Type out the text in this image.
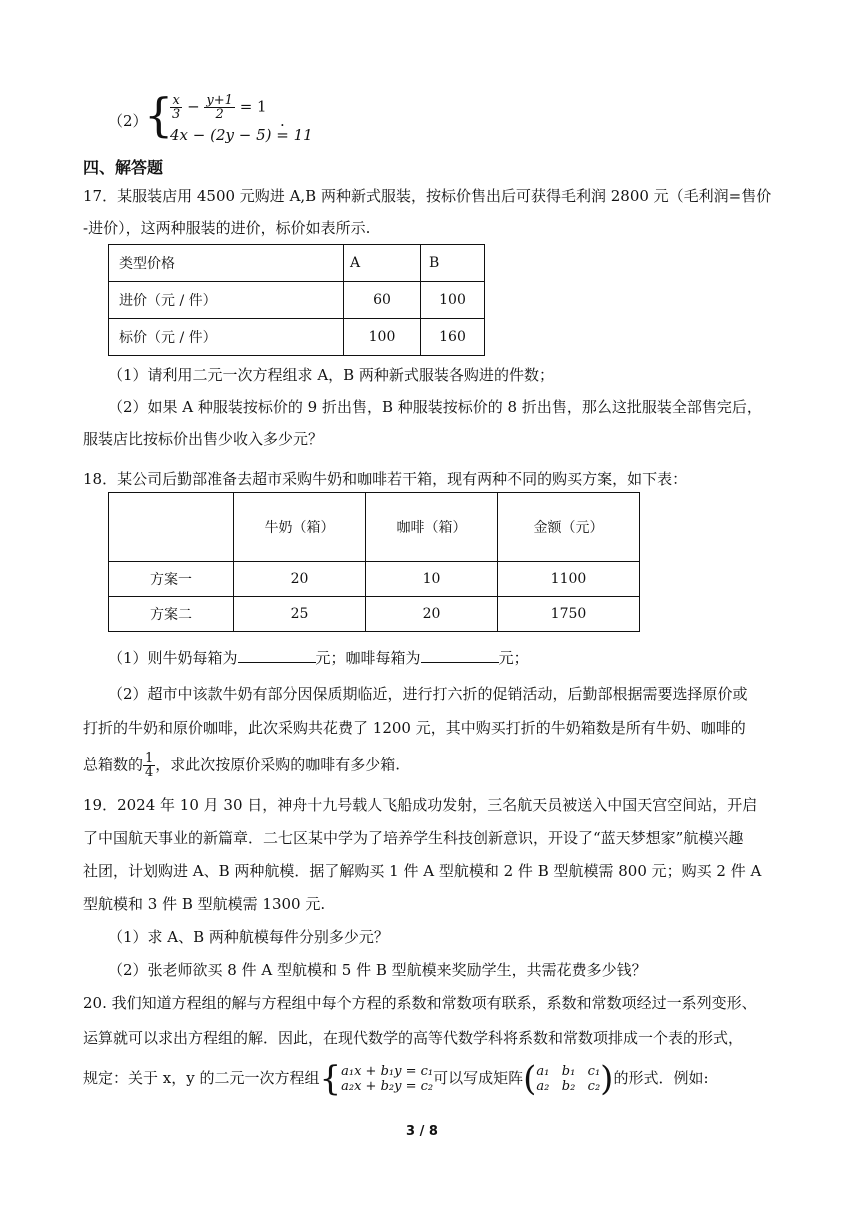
（2）
{
$\frac{x}{3} - \frac{y+1}{2} = 1$
4x − (2y − 5) = 11
.
四、解答题
17．某服装店用 4500 元购进 A,B 两种新式服装，按标价售出后可获得毛利润 2800 元（毛利润=售价
-进价），这两种服装的进价，标价如表所示.
类型价格	A	B
进价（元 / 件）	60	100
标价（元 / 件）	100	160
（1）请利用二元一次方程组求 A，B 两种新式服装各购进的件数；
（2）如果 A 种服装按标价的 9 折出售，B 种服装按标价的 8 折出售，那么这批服装全部售完后，
服装店比按标价出售少收入多少元？
18．某公司后勤部准备去超市采购牛奶和咖啡若干箱，现有两种不同的购买方案，如下表：
	牛奶（箱）	咖啡（箱）	金额（元）
方案一	20	10	1100
方案二	25	20	1750
（1）则牛奶每箱为	元；咖啡每箱为	元；
（2）超市中该款牛奶有部分因保质期临近，进行打六折的促销活动，后勤部根据需要选择原价或
打折的牛奶和原价咖啡，此次采购共花费了 1200 元，其中购买打折的牛奶箱数是所有牛奶、咖啡的
总箱数的 $\frac{1}{4}$ ，求此次按原价采购的咖啡有多少箱.
19．2024 年 10 月 30 日，神舟十九号载人飞船成功发射，三名航天员被送入中国天宫空间站，开启
了中国航天事业的新篇章．二七区某中学为了培养学生科技创新意识，开设了“蓝天梦想家”航模兴趣
社团，计划购进 A、B 两种航模．据了解购买 1 件 A 型航模和 2 件 B 型航模需 800 元；购买 2 件 A
型航模和 3 件 B 型航模需 1300 元.
（1）求 A、B 两种航模每件分别多少元？
（2）张老师欲买 8 件 A 型航模和 5 件 B 型航模来奖励学生，共需花费多少钱？
20. 我们知道方程组的解与方程组中每个方程的系数和常数项有联系，系数和常数项经过一系列变形、
运算就可以求出方程组的解．因此，在现代数学的高等代数学科将系数和常数项排成一个表的形式，
规定：关于 x，y 的二元一次方程组{ a₁x + b₁y = c₁
a₂x + b₂y = c₂ 可以写成矩阵( a₁   b₁   c₁
a₂   b₂   c₂ )的形式．例如:
3 / 8
